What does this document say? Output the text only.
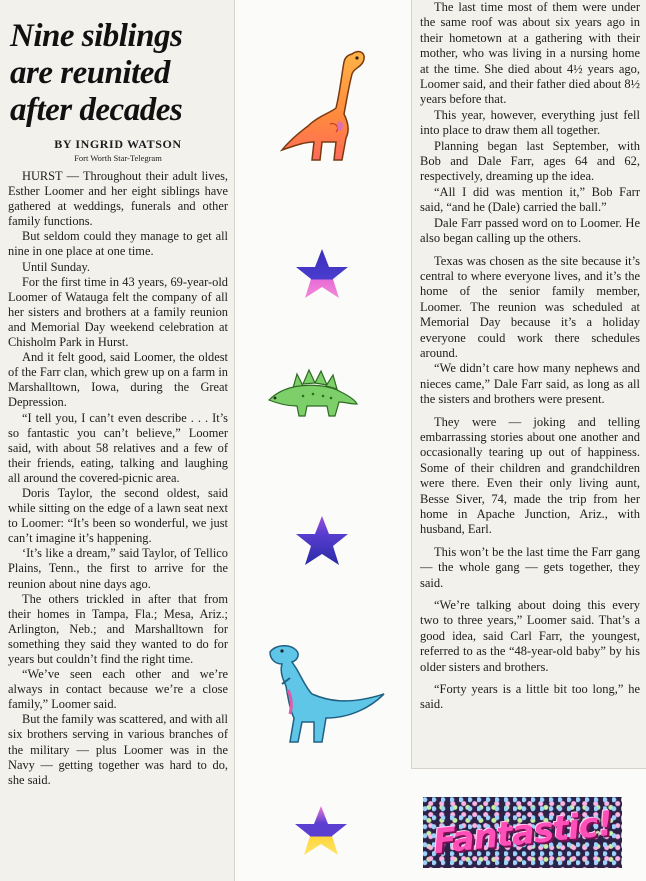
Nine siblings are reunited after decades
BY INGRID WATSON
Fort Worth Star-Telegram

HURST — Throughout their adult lives, Esther Loomer and her eight siblings have gathered at weddings, funerals and other family functions.

But seldom could they manage to get all nine in one place at one time.

Until Sunday.

For the first time in 43 years, 69-year-old Loomer of Watauga felt the company of all her sisters and brothers at a family reunion and Memorial Day weekend celebration at Chisholm Park in Hurst.

And it felt good, said Loomer, the oldest of the Farr clan, which grew up on a farm in Marshalltown, Iowa, during the Great Depression.

“I tell you, I can’t even describe . . . It’s so fantastic you can’t believe,” Loomer said, with about 58 relatives and a few of their friends, eating, talking and laughing all around the covered-picnic area.

Doris Taylor, the second oldest, said while sitting on the edge of a lawn seat next to Loomer: “It’s been so wonderful, we just can’t imagine it’s happening.

‘It’s like a dream,” said Taylor, of Tellico Plains, Tenn., the first to arrive for the reunion about nine days ago.

The others trickled in after that from their homes in Tampa, Fla.; Mesa, Ariz.; Arlington, Neb.; and Marshalltown for something they said they wanted to do for years but couldn’t find the right time.

“We’ve seen each other and we’re always in contact because we’re a close family,” Loomer said.

But the family was scattered, and with all six brothers serving in various branches of the military — plus Loomer was in the Navy — getting together was hard to do, she said.

The last time most of them were under the same roof was about six years ago in their hometown at a gathering with their mother, who was living in a nursing home at the time. She died about 4½ years ago, Loomer said, and their father died about 8½ years before that.

This year, however, everything just fell into place to draw them all together.

Planning began last September, with Bob and Dale Farr, ages 64 and 62, respectively, dreaming up the idea.

“All I did was mention it,” Bob Farr said, “and he (Dale) carried the ball.”

Dale Farr passed word on to Loomer. He also began calling up the others.

Texas was chosen as the site because it’s central to where everyone lives, and it’s the home of the senior family member, Loomer. The reunion was scheduled at Memorial Day because it’s a holiday everyone could work there schedules around.

“We didn’t care how many nephews and nieces came,” Dale Farr said, as long as all the sisters and brothers were present.

They were — joking and telling embarrassing stories about one another and occasionally tearing up out of happiness. Some of their children and grandchildren were there. Even their only living aunt, Besse Siver, 74, made the trip from her home in Apache Junction, Ariz., with husband, Earl.

This won’t be the last time the Farr gang — the whole gang — gets together, they said.

“We’re talking about doing this every two to three years,” Loomer said. That’s a good idea, said Carl Farr, the youngest, referred to as the “48-year-old baby” by his older sisters and brothers.

“Forty years is a little bit too long,” he said.

Fantastic!
